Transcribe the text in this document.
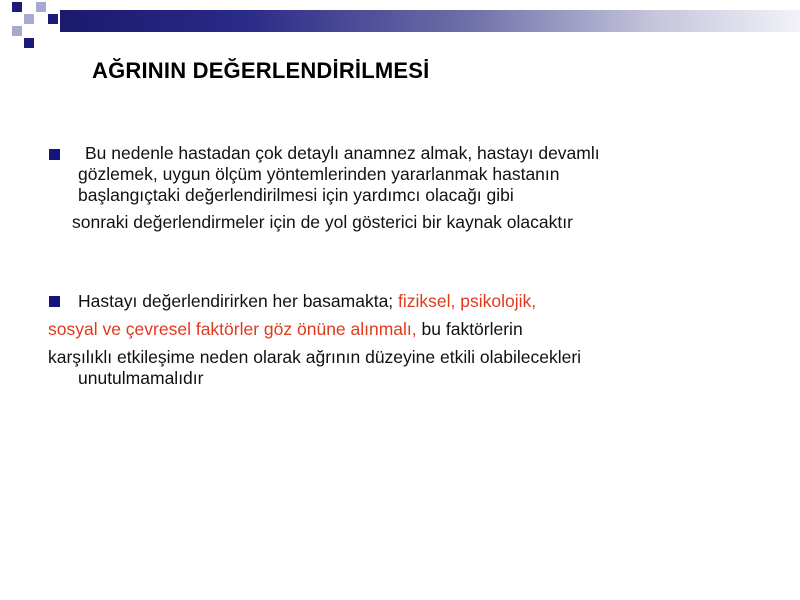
AĞRININ DEĞERLENDİRİLMESİ
Bu nedenle hastadan çok detaylı anamnez almak, hastayı devamlı
gözlemek, uygun ölçüm yöntemlerinden yararlanmak hastanın
başlangıçtaki değerlendirilmesi için yardımcı olacağı gibi
sonraki değerlendirmeler için de yol gösterici bir kaynak olacaktır
Hastayı değerlendirirken her basamakta; fiziksel, psikolojik,
sosyal ve çevresel faktörler göz önüne alınmalı, bu faktörlerin
karşılıklı etkileşime neden olarak ağrının düzeyine etkili olabilecekleri
unutulmamalıdır
